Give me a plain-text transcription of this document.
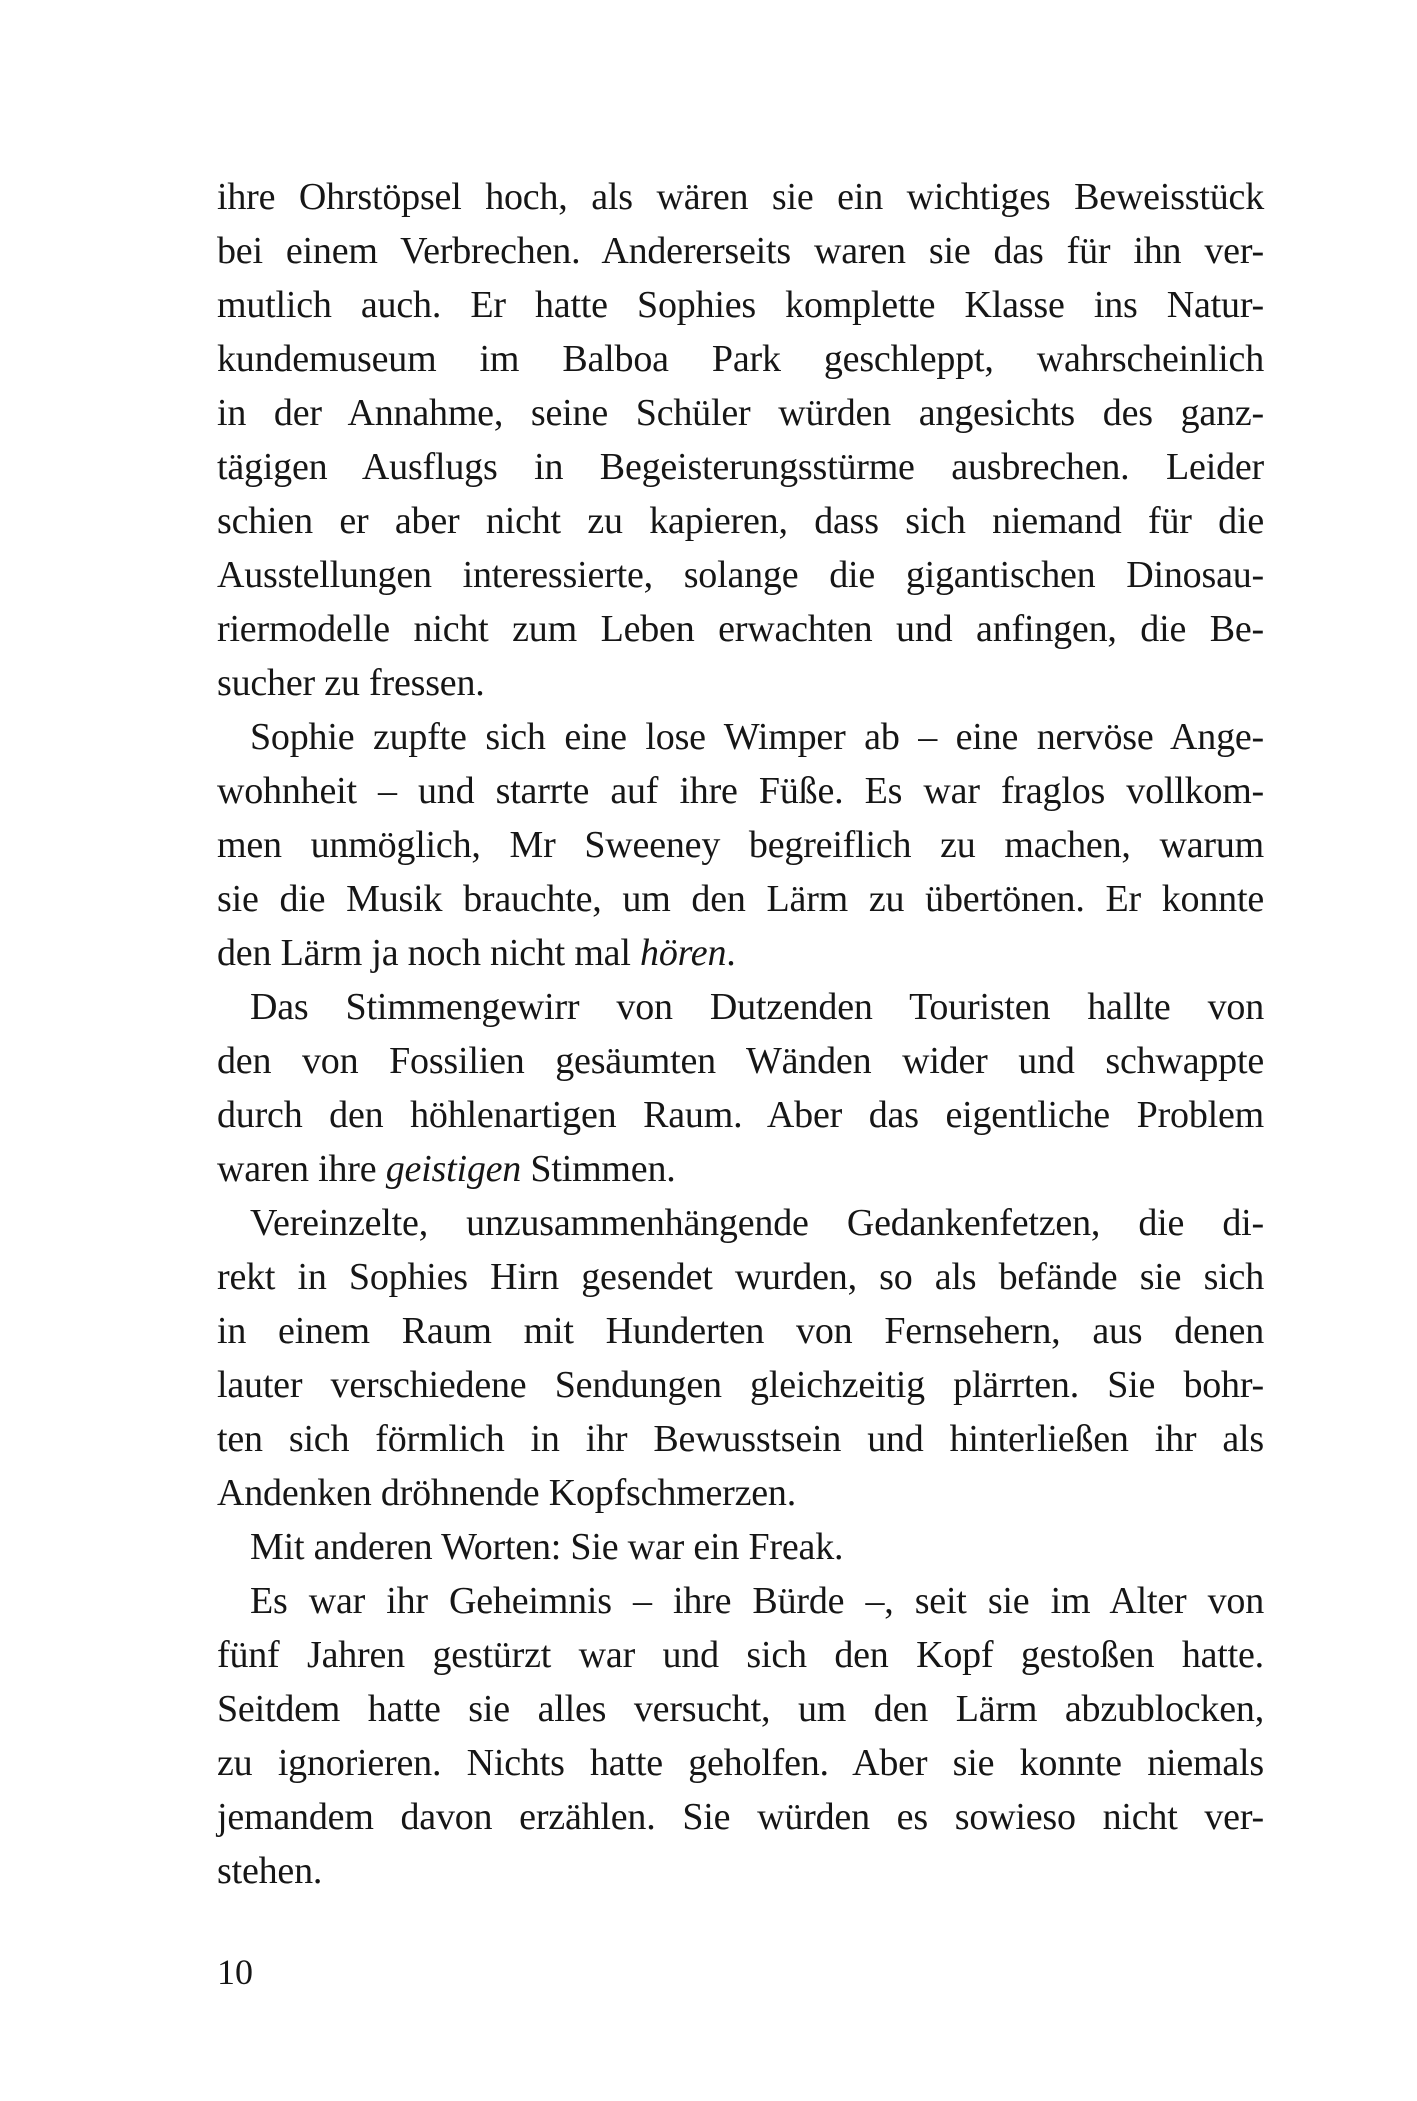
ihre Ohrstöpsel hoch, als wären sie ein wichtiges Beweisstück
bei einem Verbrechen. Andererseits waren sie das für ihn ver-
mutlich auch. Er hatte Sophies komplette Klasse ins Natur-
kundemuseum im Balboa Park geschleppt, wahrscheinlich
in der Annahme, seine Schüler würden angesichts des ganz-
tägigen Ausflugs in Begeisterungsstürme ausbrechen. Leider
schien er aber nicht zu kapieren, dass sich niemand für die
Ausstellungen interessierte, solange die gigantischen Dinosau-
riermodelle nicht zum Leben erwachten und anfingen, die Be-
sucher zu fressen.
Sophie zupfte sich eine lose Wimper ab – eine nervöse Ange-
wohnheit – und starrte auf ihre Füße. Es war fraglos vollkom-
men unmöglich, Mr Sweeney begreiflich zu machen, warum
sie die Musik brauchte, um den Lärm zu übertönen. Er konnte
den Lärm ja noch nicht mal hören.
Das Stimmengewirr von Dutzenden Touristen hallte von
den von Fossilien gesäumten Wänden wider und schwappte
durch den höhlenartigen Raum. Aber das eigentliche Problem
waren ihre geistigen Stimmen.
Vereinzelte, unzusammenhängende Gedankenfetzen, die di-
rekt in Sophies Hirn gesendet wurden, so als befände sie sich
in einem Raum mit Hunderten von Fernsehern, aus denen
lauter verschiedene Sendungen gleichzeitig plärrten. Sie bohr-
ten sich förmlich in ihr Bewusstsein und hinterließen ihr als
Andenken dröhnende Kopfschmerzen.
Mit anderen Worten: Sie war ein Freak.
Es war ihr Geheimnis – ihre Bürde –, seit sie im Alter von
fünf Jahren gestürzt war und sich den Kopf gestoßen hatte.
Seitdem hatte sie alles versucht, um den Lärm abzublocken,
zu ignorieren. Nichts hatte geholfen. Aber sie konnte niemals
jemandem davon erzählen. Sie würden es sowieso nicht ver-
stehen.
10
